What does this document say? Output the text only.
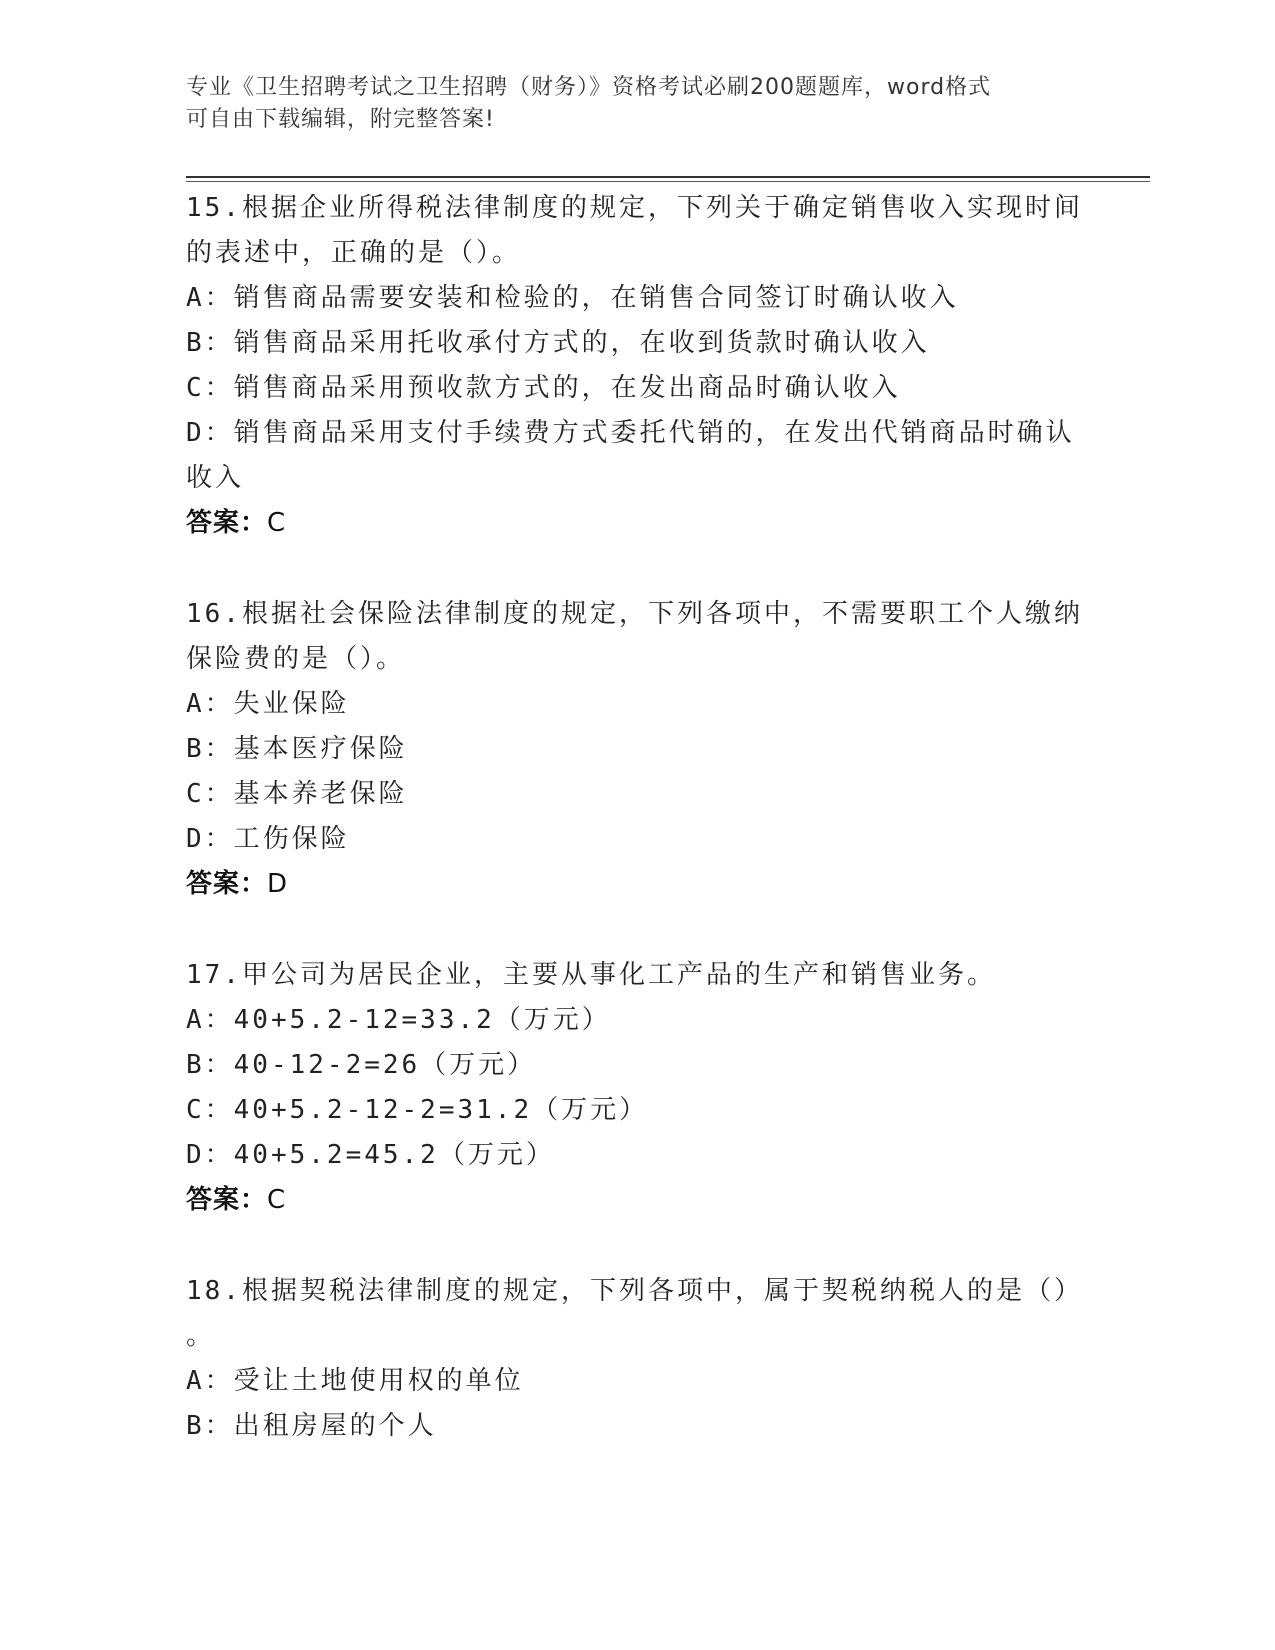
专业《卫生招聘考试之卫生招聘（财务）》资格考试必刷200题题库，word格式
可自由下载编辑，附完整答案!

15.根据企业所得税法律制度的规定，下列关于确定销售收入实现时间

的表述中，正确的是（）。

A：销售商品需要安装和检验的，在销售合同签订时确认收入

B：销售商品采用托收承付方式的，在收到货款时确认收入

C：销售商品采用预收款方式的，在发出商品时确认收入

D：销售商品采用支付手续费方式委托代销的，在发出代销商品时确认

收入

答案：C

16.根据社会保险法律制度的规定，下列各项中，不需要职工个人缴纳

保险费的是（）。

A：失业保险

B：基本医疗保险

C：基本养老保险

D：工伤保险

答案：D

17.甲公司为居民企业，主要从事化工产品的生产和销售业务。

A：40+5.2-12=33.2（万元）

B：40-12-2=26（万元）

C：40+5.2-12-2=31.2（万元）

D：40+5.2=45.2（万元）

答案：C

18.根据契税法律制度的规定，下列各项中，属于契税纳税人的是（）

。

A：受让土地使用权的单位

B：出租房屋的个人
